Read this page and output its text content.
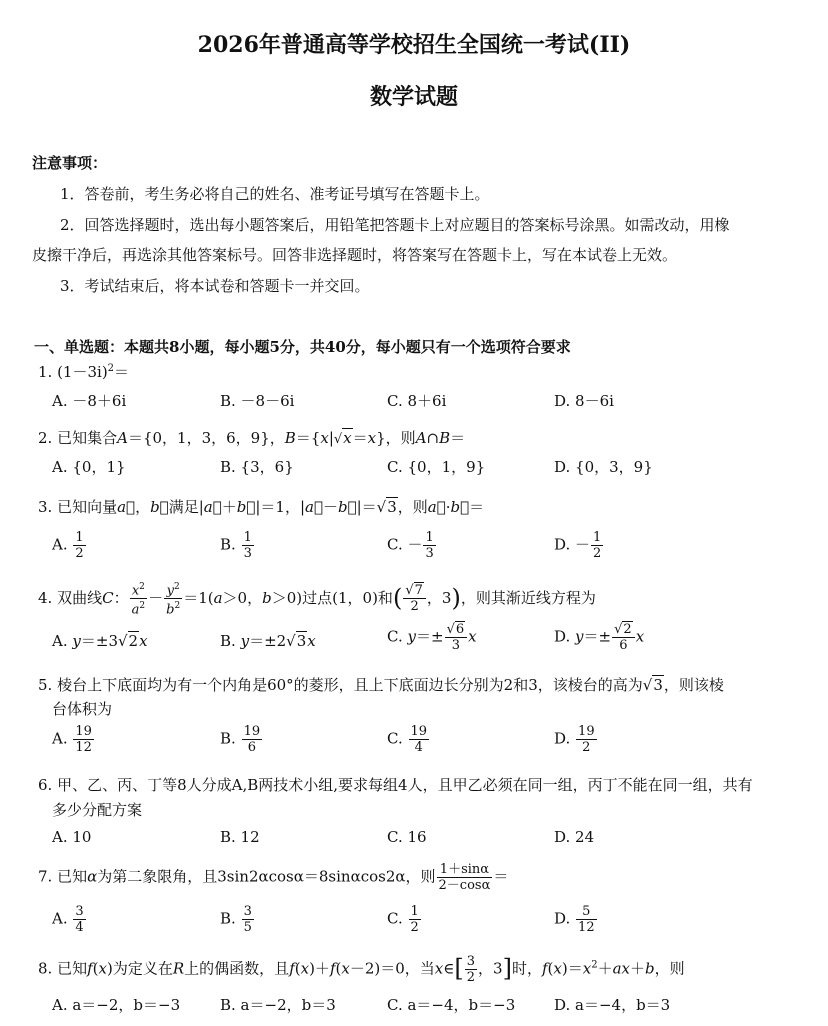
2026年普通高等学校招生全国统一考试(II)
数学试题
注意事项：
1．答卷前，考生务必将自己的姓名、准考证号填写在答题卡上。
2．回答选择题时，选出每小题答案后，用铅笔把答题卡上对应题目的答案标号涂黑。如需改动，用橡
皮擦干净后，再选涂其他答案标号。回答非选择题时，将答案写在答题卡上，写在本试卷上无效。
3．考试结束后，将本试卷和答题卡一并交回。
一、单选题：本题共8小题，每小题5分，共40分，每小题只有一个选项符合要求
1. $(1-3i)^2=$
A. －8＋6i	B. －8－6i	C. 8＋6i	D. 8－6i
2. 已知集合A＝{0，1，3，6，9}，B＝{x|√x＝x}，则A∩B＝
A. {0，1}	B. {3，6}	C. {0，1，9}	D. {0，3，9}
3. 已知向量a⃗，b⃗满足|a⃗＋b⃗|＝1，|a⃗－b⃗|＝√3，则a⃗·b⃗＝
A. $\frac{1}{2}$	B. $\frac{1}{3}$	C. － $\frac{1}{3}$	D. － $\frac{1}{2}$
4. 双曲线C： $\frac{x^2}{a^2} - \frac{y^2}{b^2} =1(a>0$，b＞0)过点(1，0)和( $\frac{√7}{2}$ ，3)，则其渐近线方程为
A. y＝±3√2x	B. y＝±2√3x	C. $y=\pm \frac{√6}{3}$ x	D. $y=\pm \frac{√2}{6}$ x
5. 棱台上下底面均为有一个内角是60°的菱形，且上下底面边长分别为2和3，该棱台的高为√3，则该棱
台体积为
A. $\frac{19}{12}$	B. $\frac{19}{6}$	C. $\frac{19}{4}$	D. $\frac{19}{2}$
6. 甲、乙、丙、丁等8人分成A,B两技术小组,要求每组4人，且甲乙必须在同一组，丙丁不能在同一组，共有
多少分配方案
A. 10	B. 12	C. 16	D. 24
7. 已知α为第二象限角，且3sin2αcosα＝8sinαcos2α，则 $\frac{1+\sin\alpha}{2-\cos\alpha}$ ＝
A. $\frac{3}{4}$	B. $\frac{3}{5}$	C. $\frac{1}{2}$	D. $\frac{5}{12}$
8. 已知f(x)为定义在R上的偶函数，且f(x)＋f(x－2)＝0，当x∈[ $\frac{3}{2}$ ，3]时，$f(x)=x^2+ax+b$，则
A. a＝−2，b＝−3	B. a＝−2，b＝3	C. a＝−4，b＝−3	D. a＝−4，b＝3
